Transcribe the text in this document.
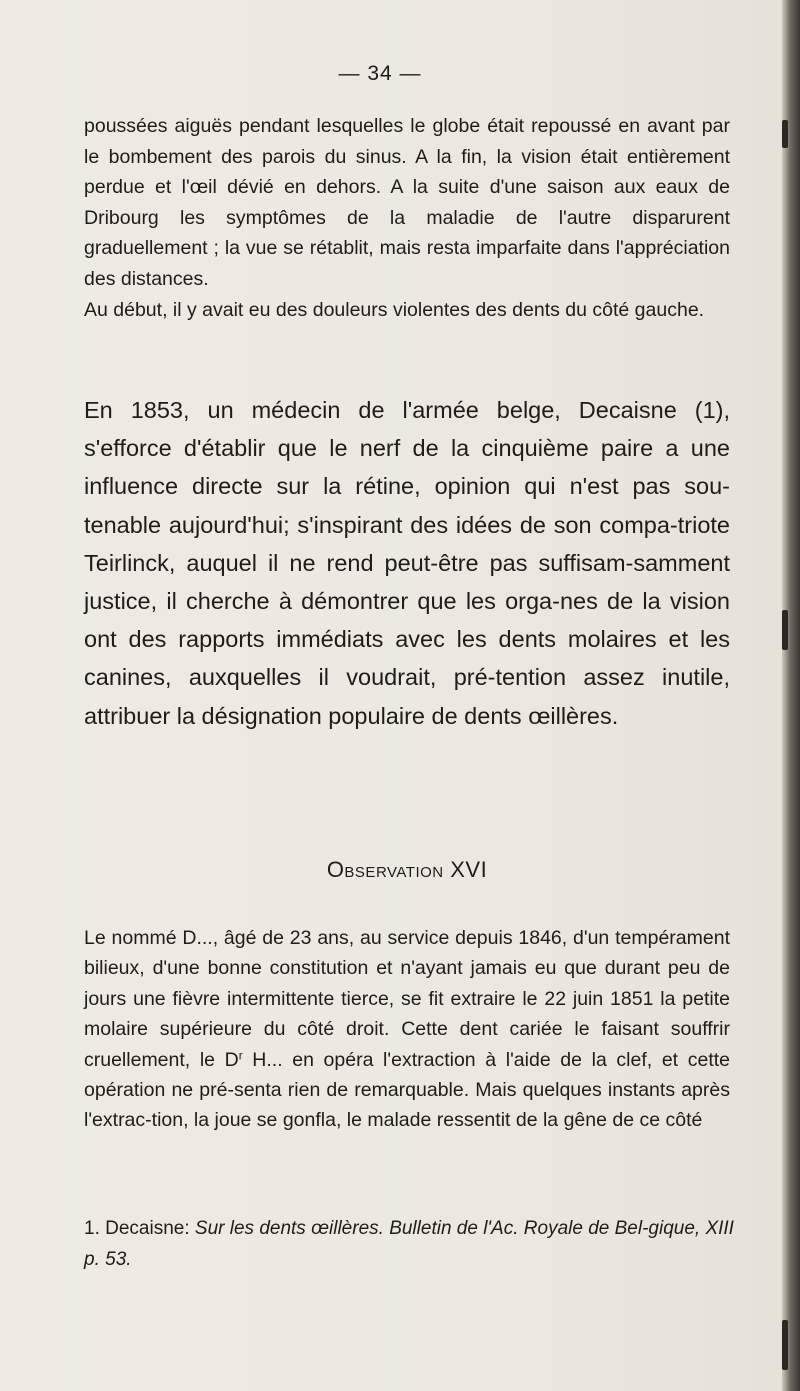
— 34 —

poussées aiguës pendant lesquelles le globe était repoussé en avant par le bombement des parois du sinus. A la fin, la vision était entièrement perdue et l'œil dévié en dehors. A la suite d'une saison aux eaux de Dribourg les symptômes de la maladie de l'autre disparurent graduellement ; la vue se rétablit, mais resta imparfaite dans l'appréciation des distances.

Au début, il y avait eu des douleurs violentes des dents du côté gauche.

En 1853, un médecin de l'armée belge, Decaisne (1), s'efforce d'établir que le nerf de la cinquième paire a une influence directe sur la rétine, opinion qui n'est pas sou-tenable aujourd'hui; s'inspirant des idées de son compa-triote Teirlinck, auquel il ne rend peut-être pas suffisam-samment justice, il cherche à démontrer que les orga-nes de la vision ont des rapports immédiats avec les dents molaires et les canines, auxquelles il voudrait, pré-tention assez inutile, attribuer la désignation populaire de dents œillères.

Observation XVI

Le nommé D..., âgé de 23 ans, au service depuis 1846, d'un tempérament bilieux, d'une bonne constitution et n'ayant jamais eu que durant peu de jours une fièvre intermittente tierce, se fit extraire le 22 juin 1851 la petite molaire supérieure du côté droit. Cette dent cariée le faisant souffrir cruellement, le $D^r$ H... en opéra l'extraction à l'aide de la clef, et cette opération ne pré-senta rien de remarquable. Mais quelques instants après l'extrac-tion, la joue se gonfla, le malade ressentit de la gêne de ce côté

1. Decaisne: Sur les dents œillères. Bulletin de l'Ac. Royale de Bel-gique, XIII p. 53.
